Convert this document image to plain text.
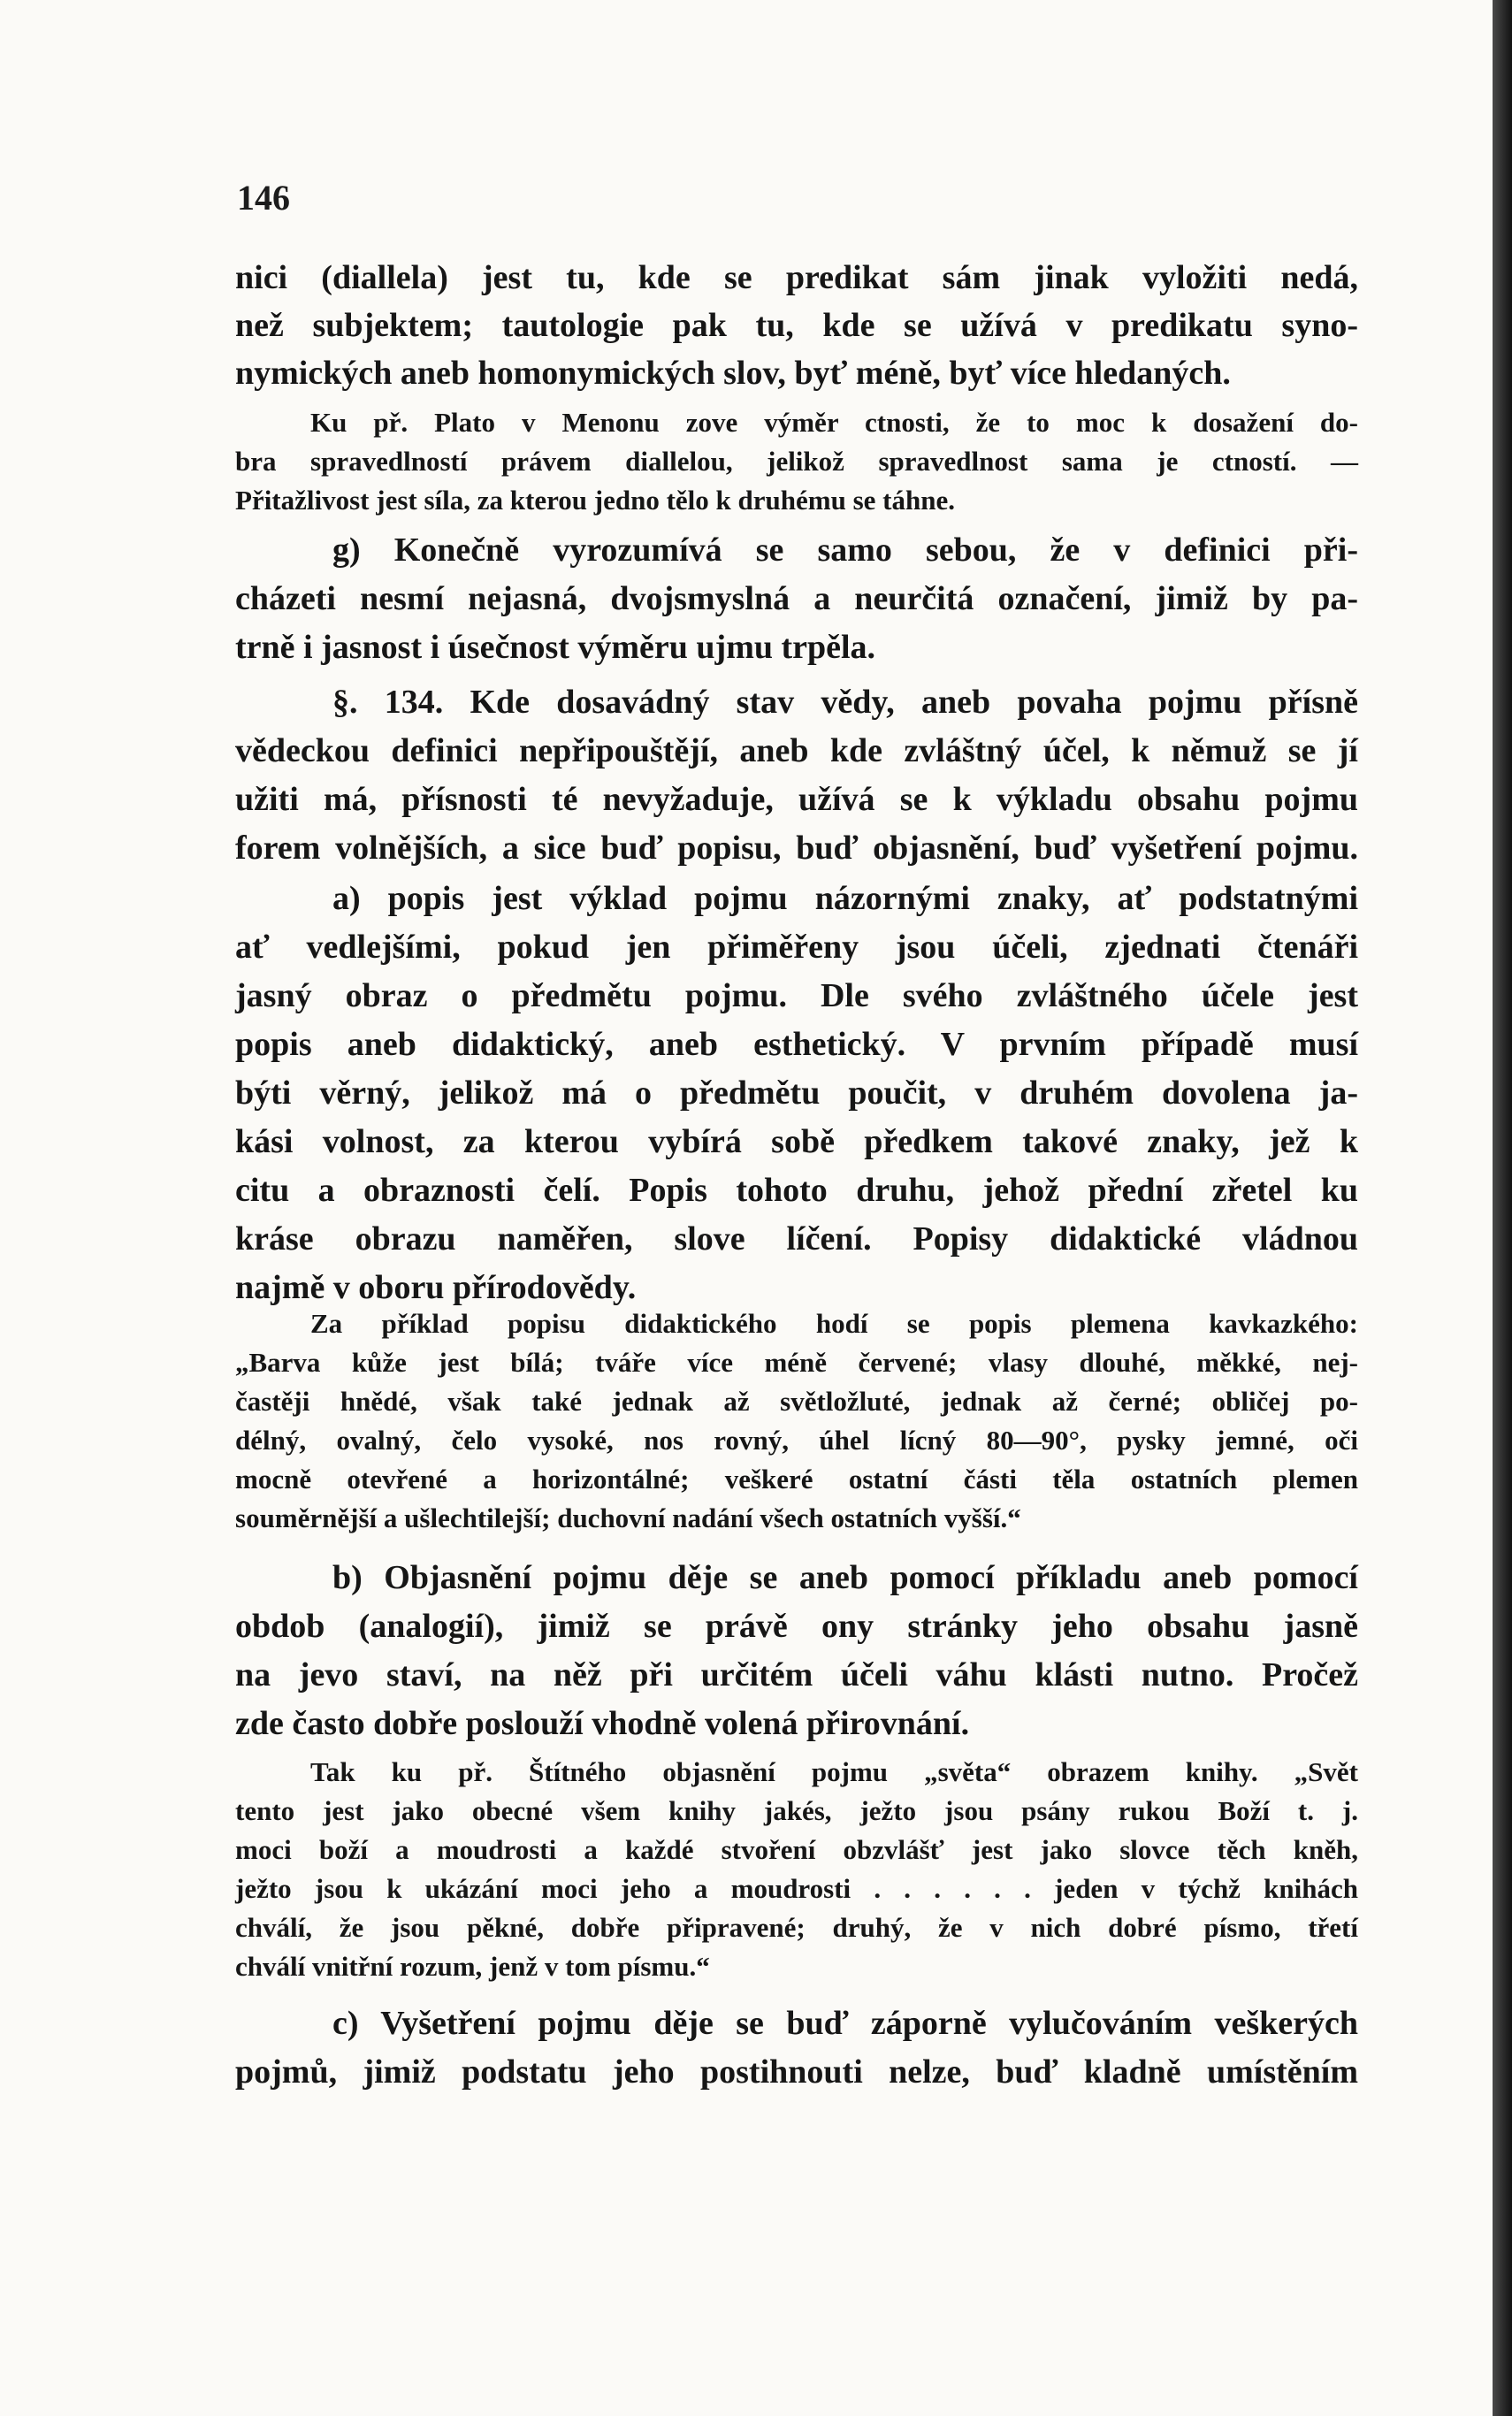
146
nici (diallela) jest tu, kde se predikat sám jinak vyložiti nedá,
než subjektem; tautologie pak tu, kde se užívá v predikatu syno-
nymických aneb homonymických slov, byť méně, byť více hledaných.
Ku př. Plato v Menonu zove výměr ctnosti, že to moc k dosažení do-
bra spravedlností právem diallelou, jelikož spravedlnost sama je ctností. —
Přitažlivost jest síla, za kterou jedno tělo k druhému se táhne.
g) Konečně vyrozumívá se samo sebou, že v definici při-
cházeti nesmí nejasná, dvojsmyslná a neurčitá označení, jimiž by pa-
trně i jasnost i úsečnost výměru ujmu trpěla.
§. 134. Kde dosavádný stav vědy, aneb povaha pojmu přísně
vědeckou definici nepřipouštějí, aneb kde zvláštný účel, k němuž se jí
užiti má, přísnosti té nevyžaduje, užívá se k výkladu obsahu pojmu
forem volnějších, a sice buď popisu, buď objasnění, buď vyšetření pojmu.
a) popis jest výklad pojmu názornými znaky, ať podstatnými
ať vedlejšími, pokud jen přiměřeny jsou účeli, zjednati čtenáři
jasný obraz o předmětu pojmu. Dle svého zvláštného účele jest
popis aneb didaktický, aneb esthetický. V prvním případě musí
býti věrný, jelikož má o předmětu poučit, v druhém dovolena ja-
kási volnost, za kterou vybírá sobě předkem takové znaky, jež k
citu a obraznosti čelí. Popis tohoto druhu, jehož přední zřetel ku
kráse obrazu naměřen, slove líčení. Popisy didaktické vládnou
najmě v oboru přírodovědy.
Za příklad popisu didaktického hodí se popis plemena kavkazkého:
„Barva kůže jest bílá; tváře více méně červené; vlasy dlouhé, měkké, nej-
častěji hnědé, však také jednak až světložluté, jednak až černé; obličej po-
délný, ovalný, čelo vysoké, nos rovný, úhel lícný 80—90°, pysky jemné, oči
mocně otevřené a horizontálné; veškeré ostatní části těla ostatních plemen
souměrnější a ušlechtilejší; duchovní nadání všech ostatních vyšší.“
b) Objasnění pojmu děje se aneb pomocí příkladu aneb pomocí
obdob (analogií), jimiž se právě ony stránky jeho obsahu jasně
na jevo staví, na něž při určitém účeli váhu klásti nutno. Pročež
zde často dobře poslouží vhodně volená přirovnání.
Tak ku př. Štítného objasnění pojmu „světa“ obrazem knihy. „Svět
tento jest jako obecné všem knihy jakés, ježto jsou psány rukou Boží t. j.
moci boží a moudrosti a každé stvoření obzvlášť jest jako slovce těch kněh,
ježto jsou k ukázání moci jeho a moudrosti . . . . . . jeden v týchž knihách
chválí, že jsou pěkné, dobře připravené; druhý, že v nich dobré písmo, třetí
chválí vnitřní rozum, jenž v tom písmu.“
c) Vyšetření pojmu děje se buď záporně vylučováním veškerých
pojmů, jimiž podstatu jeho postihnouti nelze, buď kladně umístěním
